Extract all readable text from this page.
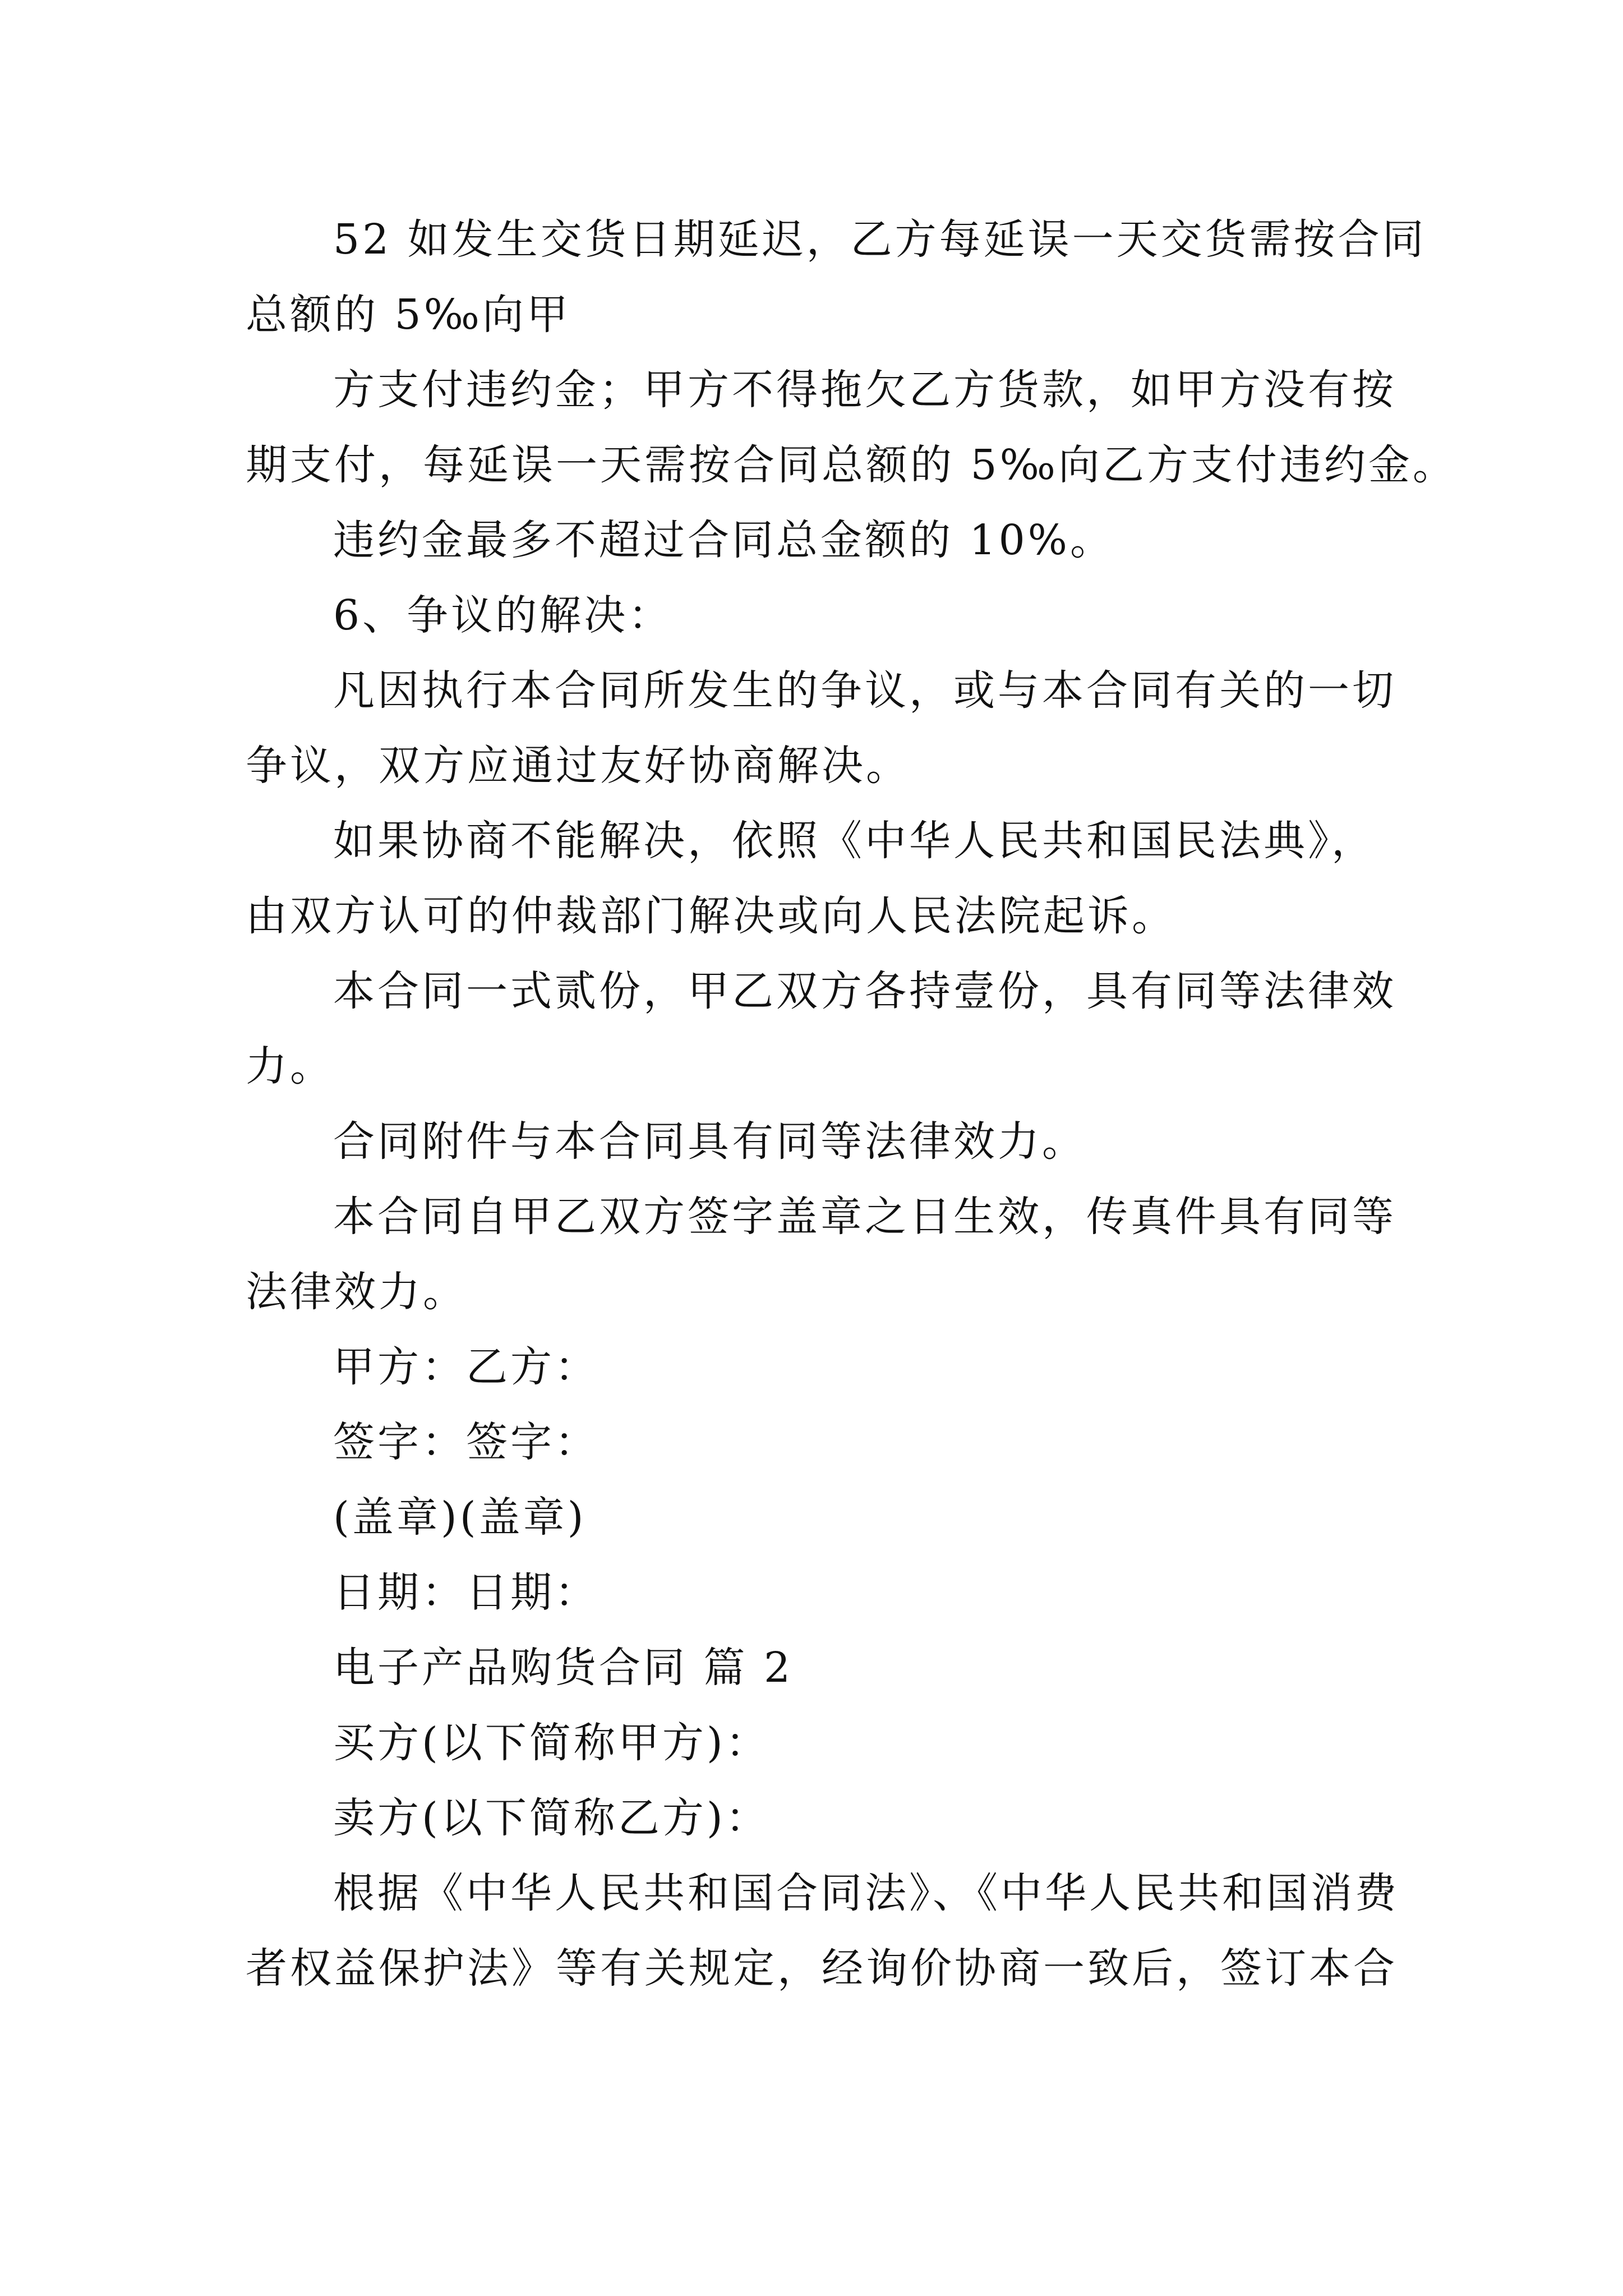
52 如发生交货日期延迟，乙方每延误一天交货需按合同
总额的 5‰向甲
方支付违约金；甲方不得拖欠乙方货款，如甲方没有按
期支付，每延误一天需按合同总额的 5‰向乙方支付违约金。
违约金最多不超过合同总金额的 10%。
6、争议的解决：
凡因执行本合同所发生的争议，或与本合同有关的一切
争议，双方应通过友好协商解决。
如果协商不能解决，依照《中华人民共和国民法典》，
由双方认可的仲裁部门解决或向人民法院起诉。
本合同一式贰份，甲乙双方各持壹份，具有同等法律效
力。
合同附件与本合同具有同等法律效力。
本合同自甲乙双方签字盖章之日生效，传真件具有同等
法律效力。
甲方：乙方：
签字：签字：
(盖章)(盖章)
日期：日期：
电子产品购货合同 篇 2
买方(以下简称甲方)：
卖方(以下简称乙方)：
根据《中华人民共和国合同法》、《中华人民共和国消费
者权益保护法》等有关规定，经询价协商一致后，签订本合
